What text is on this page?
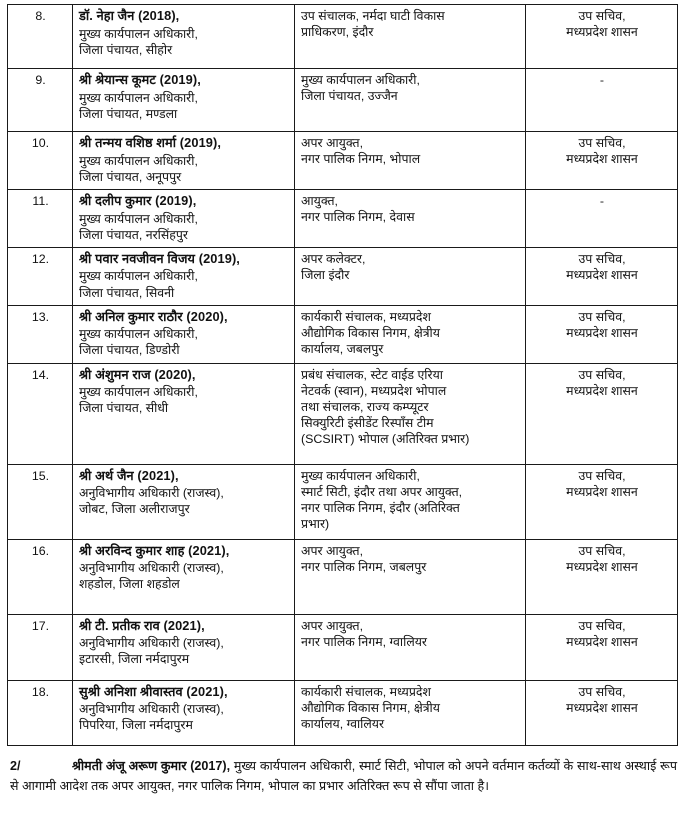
8.	डॉ. नेहा जैन (2018),
मुख्य कार्यपालन अधिकारी,
जिला पंचायत, सीहोर	उप संचालक, नर्मदा घाटी विकास
प्राधिकरण, इंदौर	उप सचिव,
मध्यप्रदेश शासन

9.	श्री श्रेयान्स कूमट (2019),
मुख्य कार्यपालन अधिकारी,
जिला पंचायत, मण्डला	मुख्य कार्यपालन अधिकारी,
जिला पंचायत, उज्जैन	-

10.	श्री तन्मय वशिष्ठ शर्मा (2019),
मुख्य कार्यपालन अधिकारी,
जिला पंचायत, अनूपपुर	अपर आयुक्त,
नगर पालिक निगम, भोपाल	उप सचिव,
मध्यप्रदेश शासन

11.	श्री दलीप कुमार (2019),
मुख्य कार्यपालन अधिकारी,
जिला पंचायत, नरसिंहपुर	आयुक्त,
नगर पालिक निगम, देवास	-

12.	श्री पवार नवजीवन विजय (2019),
मुख्य कार्यपालन अधिकारी,
जिला पंचायत, सिवनी	अपर कलेक्टर,
जिला इंदौर	उप सचिव,
मध्यप्रदेश शासन

13.	श्री अनिल कुमार राठौर (2020),
मुख्य कार्यपालन अधिकारी,
जिला पंचायत, डिण्डोरी	कार्यकारी संचालक, मध्यप्रदेश
औद्योगिक विकास निगम, क्षेत्रीय
कार्यालय, जबलपुर	उप सचिव,
मध्यप्रदेश शासन

14.	श्री अंशुमन राज (2020),
मुख्य कार्यपालन अधिकारी,
जिला पंचायत, सीधी	प्रबंध संचालक, स्टेट वाईड एरिया
नेटवर्क (स्वान), मध्यप्रदेश भोपाल
तथा संचालक, राज्य कम्प्यूटर
सिक्युरिटी इंसीडेंट रिस्पॉंस टीम
(SCSIRT) भोपाल (अतिरिक्त प्रभार)	उप सचिव,
मध्यप्रदेश शासन

15.	श्री अर्थ जैन (2021),
अनुविभागीय अधिकारी (राजस्व),
जोबट, जिला अलीराजपुर	मुख्य कार्यपालन अधिकारी,
स्मार्ट सिटी, इंदौर तथा अपर आयुक्त,
नगर पालिक निगम, इंदौर (अतिरिक्त
प्रभार)	उप सचिव,
मध्यप्रदेश शासन

16.	श्री अरविन्द कुमार शाह (2021),
अनुविभागीय अधिकारी (राजस्व),
शहडोल, जिला शहडोल	अपर आयुक्त,
नगर पालिक निगम, जबलपुर	उप सचिव,
मध्यप्रदेश शासन

17.	श्री टी. प्रतीक राव (2021),
अनुविभागीय अधिकारी (राजस्व),
इटारसी, जिला नर्मदापुरम	अपर आयुक्त,
नगर पालिक निगम, ग्वालियर	उप सचिव,
मध्यप्रदेश शासन

18.	सुश्री अनिशा श्रीवास्तव (2021),
अनुविभागीय अधिकारी (राजस्व),
पिपरिया, जिला नर्मदापुरम	कार्यकारी संचालक, मध्यप्रदेश
औद्योगिक विकास निगम, क्षेत्रीय
कार्यालय, ग्वालियर	उप सचिव,
मध्यप्रदेश शासन
2/	श्रीमती अंजू अरूण कुमार (2017), मुख्य कार्यपालन अधिकारी, स्मार्ट सिटी, भोपाल को अपने वर्तमान कर्तव्यों के साथ-साथ अस्थाई रूप से आगामी आदेश तक अपर आयुक्त, नगर पालिक निगम, भोपाल का प्रभार अतिरिक्त रूप से सौंपा जाता है।
